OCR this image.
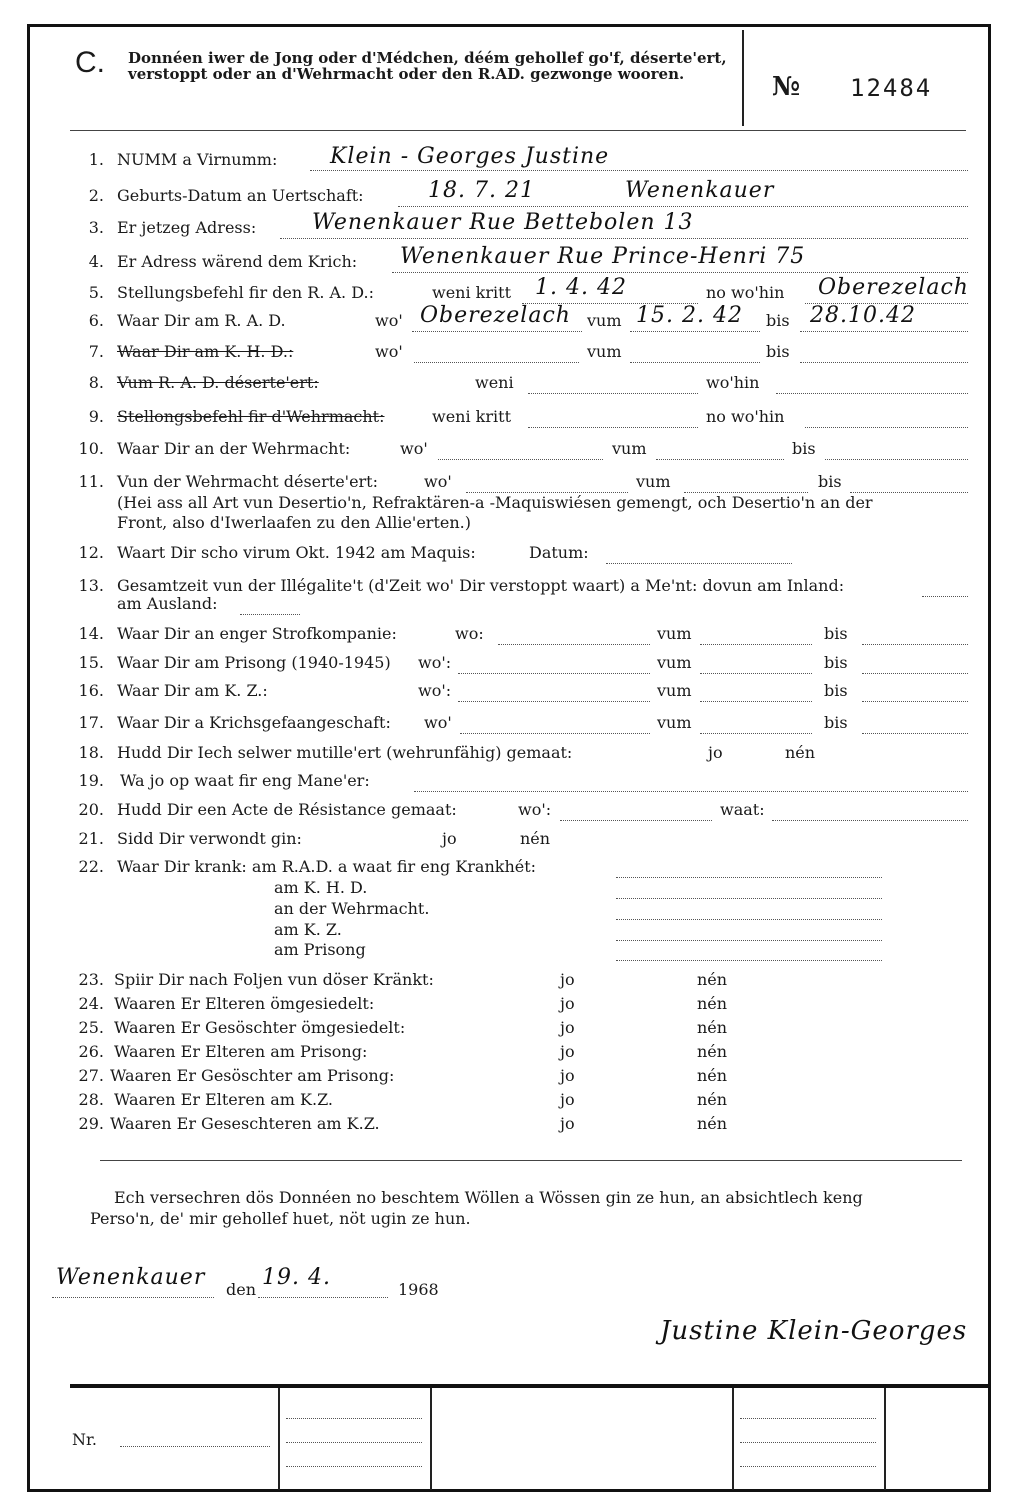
C. Donnéen iwer de Jong oder d'Médchen, déém gehollef go'f, déserte'ert, verstoppt oder an d'Wehrmacht oder den R.AD. gezwonge wooren.	№ 12484
1. NUMM a Virnumm: Klein - Georges Justine
2. Geburts-Datum an Uertschaft:	18. 7. 21	Wenenkauer
3. Er jetzeg Adress:	Wenenkauer Rue Bettebolen 13
4. Er Adress wärend dem Krich: Wenenkauer Rue Prince-Henri 75
5. Stellungsbefehl fir den R. A. D.:	weni kritt 1. 4. 42	no wo'hin Oberezelach
6. Waar Dir am R. A. D.	wo' Oberezelach vum 15. 2. 42 bis 28.10.42
7. Waar Dir am K. H. D.:	wo'	vum	bis
8. Vum R. A. D. déserte'ert:	weni	wo'hin
9. Stellongsbefehl fir d'Wehrmacht:	weni kritt	no wo'hin
10. Waar Dir an der Wehrmacht:	wo'	vum	bis
11. Vun der Wehrmacht déserte'ert:	wo'	vum	bis
(Hei ass all Art vun Desertio'n, Refraktären-a -Maquiswiésen gemengt, och Desertio'n an der
Front, also d'Iwerlaafen zu den Allie'erten.)
12. Waart Dir scho virum Okt. 1942 am Maquis:	Datum:
13. Gesamtzeit vun der Illégalite't (d'Zeit wo' Dir verstoppt waart) a Me'nt: dovun am Inland:
am Ausland:
14. Waar Dir an enger Strofkompanie:	wo:	vum	bis
15. Waar Dir am Prisong (1940-1945) wo':	vum	bis
16. Waar Dir am K. Z.:	wo':	vum	bis
17. Waar Dir a Krichsgefaangeschaft: wo'	vum	bis
18. Hudd Dir Iech selwer mutille'ert (wehrunfähig) gemaat:	jo	nén
19. Wa jo op waat fir eng Mane'er:
20. Hudd Dir een Acte de Résistance gemaat:	wo':	waat:
21. Sidd Dir verwondt gin:	jo	nén
22. Waar Dir krank: am R.A.D. a waat fir eng Krankhét:
am K. H. D.
an der Wehrmacht.
am K. Z.
am Prisong
23. Spiir Dir nach Foljen vun döser Kränkt:	jo	nén
24. Waaren Er Elteren ömgesiedelt:	jo	nén
25. Waaren Er Gesöschter ömgesiedelt:	jo	nén
26. Waaren Er Elteren am Prisong:	jo	nén
27. Waaren Er Gesöschter am Prisong:	jo	nén
28. Waaren Er Elteren am K.Z.	jo	nén
29. Waaren Er Geseschteren am K.Z.	jo	nén
Ech versechren dös Donnéen no beschtem Wöllen a Wössen gin ze hun, an absichtlech keng
Perso'n, de' mir gehollef huet, nöt ugin ze hun.
Wenenkauer den 19. 4.	1968
Justine Klein-Georges
Nr.
